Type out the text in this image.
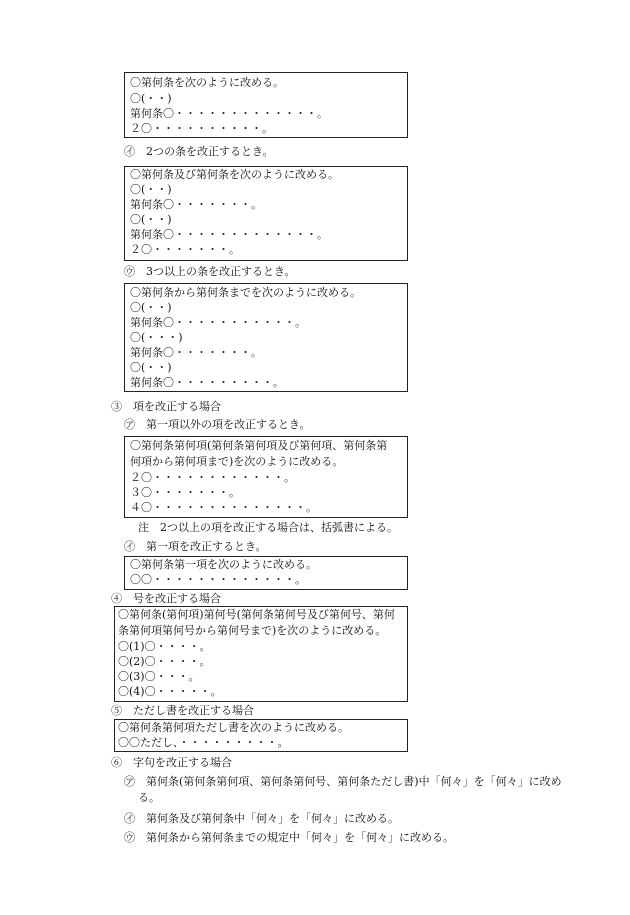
〇第何条を次のように改める。
〇(・・)
第何条〇・・・・・・・・・・・・・。
２〇・・・・・・・・・・。
㋑　2つの条を改正するとき。
〇第何条及び第何条を次のように改める。
〇(・・)
第何条〇・・・・・・・。
〇(・・)
第何条〇・・・・・・・・・・・・・。
２〇・・・・・・・。
㋒　3つ以上の条を改正するとき。
〇第何条から第何条までを次のように改める。
〇(・・)
第何条〇・・・・・・・・・・・。
〇(・・・)
第何条〇・・・・・・・。
〇(・・)
第何条〇・・・・・・・・・。
③　項を改正する場合
㋐　第一項以外の項を改正するとき。
〇第何条第何項(第何条第何項及び第何項、第何条第
何項から第何項まで)を次のように改める。
２〇・・・・・・・・・・・・。
３〇・・・・・・・。
４〇・・・・・・・・・・・・・・。
注　2つ以上の項を改正する場合は、括弧書による。
㋑　第一項を改正するとき。
〇第何条第一項を次のように改める。
〇〇・・・・・・・・・・・・・。
④　号を改正する場合
〇第何条(第何項)第何号(第何条第何号及び第何号、第何
条第何項第何号から第何号まで)を次のように改める。
〇(1)〇・・・・。
〇(2)〇・・・・。
〇(3)〇・・・。
〇(4)〇・・・・・。
⑤　ただし書を改正する場合
〇第何条第何項ただし書を次のように改める。
〇〇ただし、・・・・・・・・・。
⑥　字句を改正する場合
㋐　第何条(第何条第何項、第何条第何号、第何条ただし書)中「何々」を「何々」に改める。
㋑　第何条及び第何条中「何々」を「何々」に改める。
㋒　第何条から第何条までの規定中「何々」を「何々」に改める。
